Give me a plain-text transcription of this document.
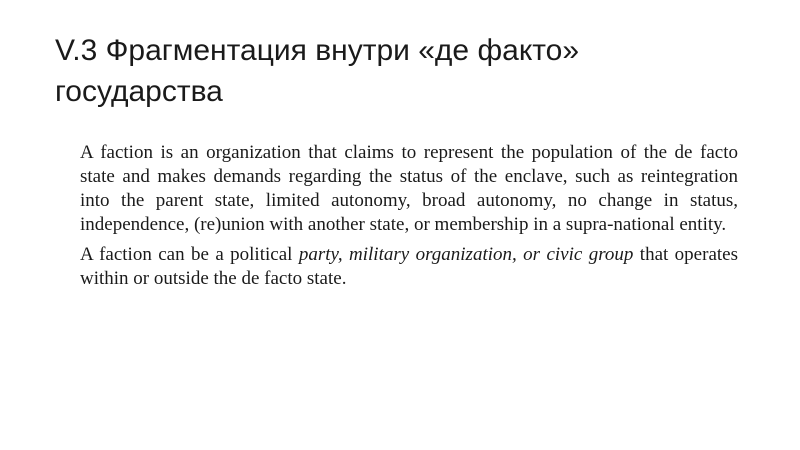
V.3 Фрагментация внутри «де факто» государства

A faction is an organization that claims to represent the population of the de facto state and makes demands regarding the status of the enclave, such as reintegration into the parent state, limited autonomy, broad autonomy, no change in status, independence, (re)union with another state, or membership in a supra-national entity.

A faction can be a political party, military organization, or civic group that operates within or outside the de facto state.
